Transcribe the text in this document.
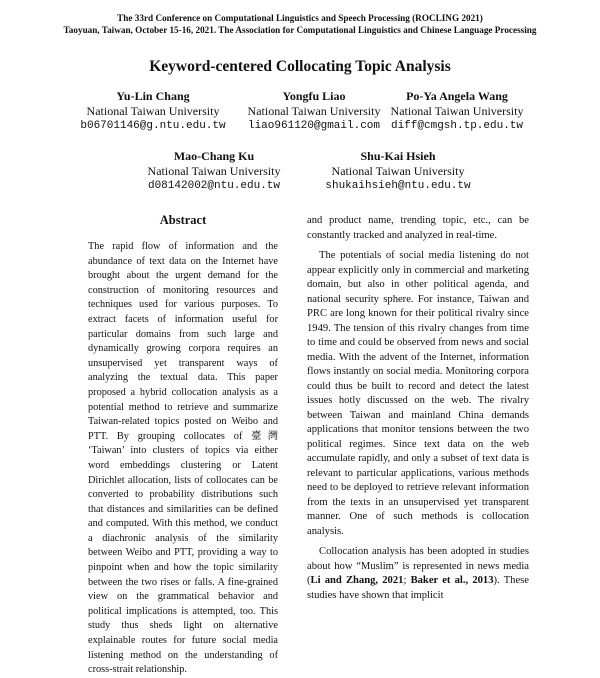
The 33rd Conference on Computational Linguistics and Speech Processing (ROCLING 2021)
Taoyuan, Taiwan, October 15-16, 2021. The Association for Computational Linguistics and Chinese Language Processing
Keyword-centered Collocating Topic Analysis
Yu-Lin Chang
National Taiwan University
b06701146@g.ntu.edu.tw
Yongfu Liao
National Taiwan University
liao961120@gmail.com
Po-Ya Angela Wang
National Taiwan University
diff@cmgsh.tp.edu.tw
Mao-Chang Ku
National Taiwan University
d08142002@ntu.edu.tw
Shu-Kai Hsieh
National Taiwan University
shukaihsieh@ntu.edu.tw
Abstract

The rapid flow of information and the abundance of text data on the Internet have brought about the urgent demand for the construction of monitoring resources and techniques used for various purposes. To extract facets of information useful for particular domains from such large and dynamically growing corpora requires an unsupervised yet transparent ways of analyzing the textual data. This paper proposed a hybrid collocation analysis as a potential method to retrieve and summarize Taiwan-related topics posted on Weibo and PTT. By grouping collocates of 臺灣 ‘Taiwan’ into clusters of topics via either word embeddings clustering or Latent Dirichlet allocation, lists of collocates can be converted to probability distributions such that distances and similarities can be defined and computed. With this method, we conduct a diachronic analysis of the similarity between Weibo and PTT, providing a way to pinpoint when and how the topic similarity between the two rises or falls. A fine-grained view on the grammatical behavior and political implications is attempted, too. This study thus sheds light on alternative explainable routes for future social media listening method on the understanding of cross-strait relationship.

and product name, trending topic, etc., can be constantly tracked and analyzed in real-time.

The potentials of social media listening do not appear explicitly only in commercial and marketing domain, but also in other political agenda, and national security sphere. For instance, Taiwan and PRC are long known for their political rivalry since 1949. The tension of this rivalry changes from time to time and could be observed from news and social media. With the advent of the Internet, information flows instantly on social media. Monitoring corpora could thus be built to record and detect the latest issues hotly discussed on the web. The rivalry between Taiwan and mainland China demands applications that monitor tensions between the two political regimes. Since text data on the web accumulate rapidly, and only a subset of text data is relevant to particular applications, various methods need to be deployed to retrieve relevant information from the texts in an unsupervised yet transparent manner. One of such methods is collocation analysis.

Collocation analysis has been adopted in studies about how “Muslim” is represented in news media (Li and Zhang, 2021; Baker et al., 2013). These studies have shown that implicit
